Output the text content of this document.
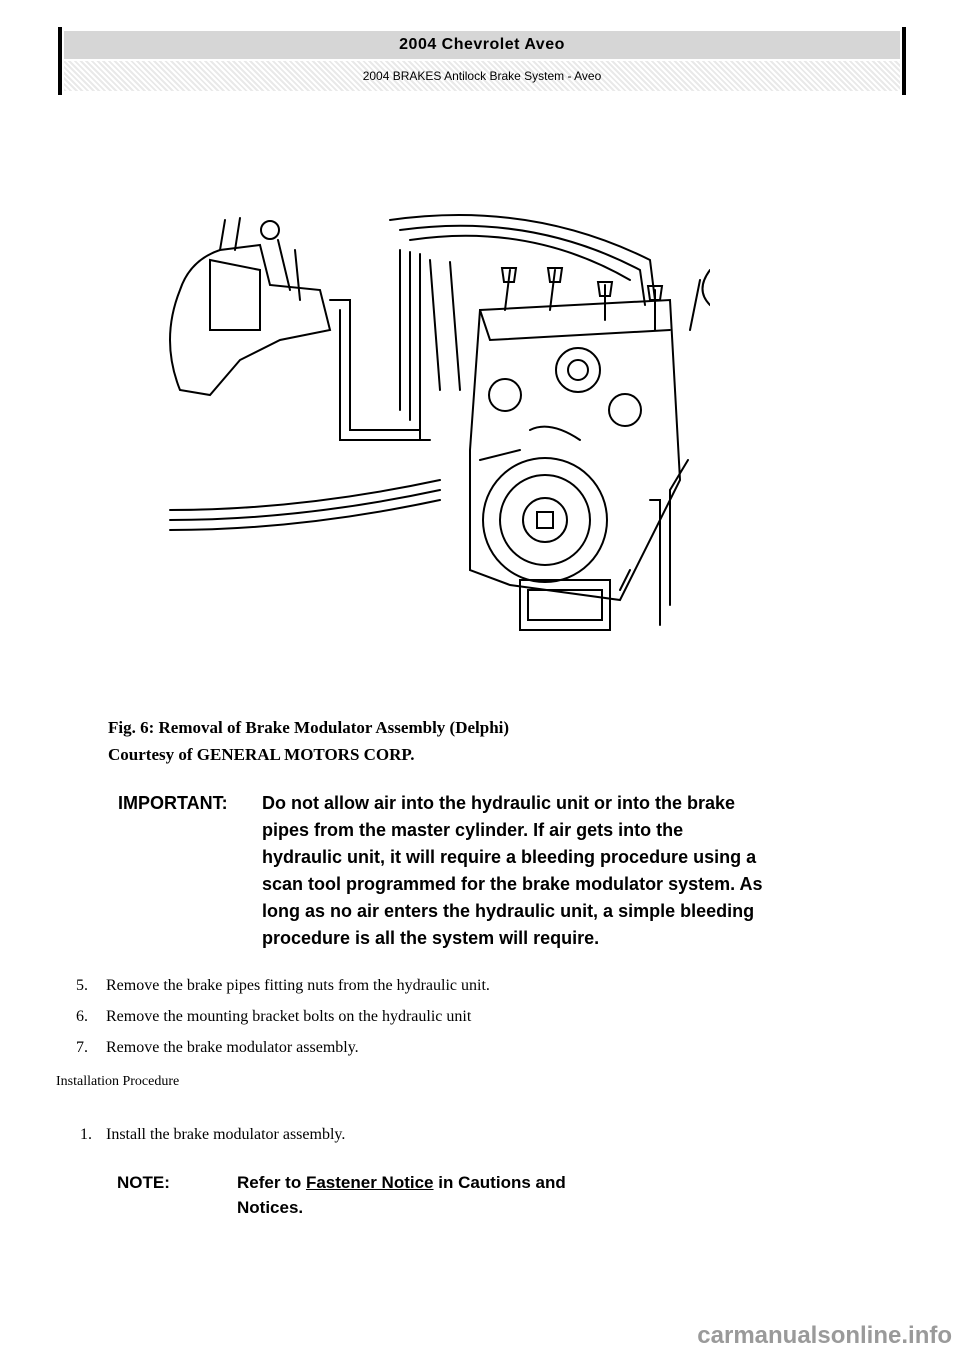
2004 Chevrolet Aveo
2004 BRAKES Antilock Brake System - Aveo
Fig. 6: Removal of Brake Modulator Assembly (Delphi)
Courtesy of GENERAL MOTORS CORP.
IMPORTANT:	Do not allow air into the hydraulic unit or into the brake
pipes from the master cylinder. If air gets into the
hydraulic unit, it will require a bleeding procedure using a
scan tool programmed for the brake modulator system. As
long as no air enters the hydraulic unit, a simple bleeding
procedure is all the system will require.
5. Remove the brake pipes fitting nuts from the hydraulic unit.
6. Remove the mounting bracket bolts on the hydraulic unit
7. Remove the brake modulator assembly.
Installation Procedure
1. Install the brake modulator assembly.
NOTE:	Refer to Fastener Notice in Cautions and
Notices.
carmanualsonline.info
